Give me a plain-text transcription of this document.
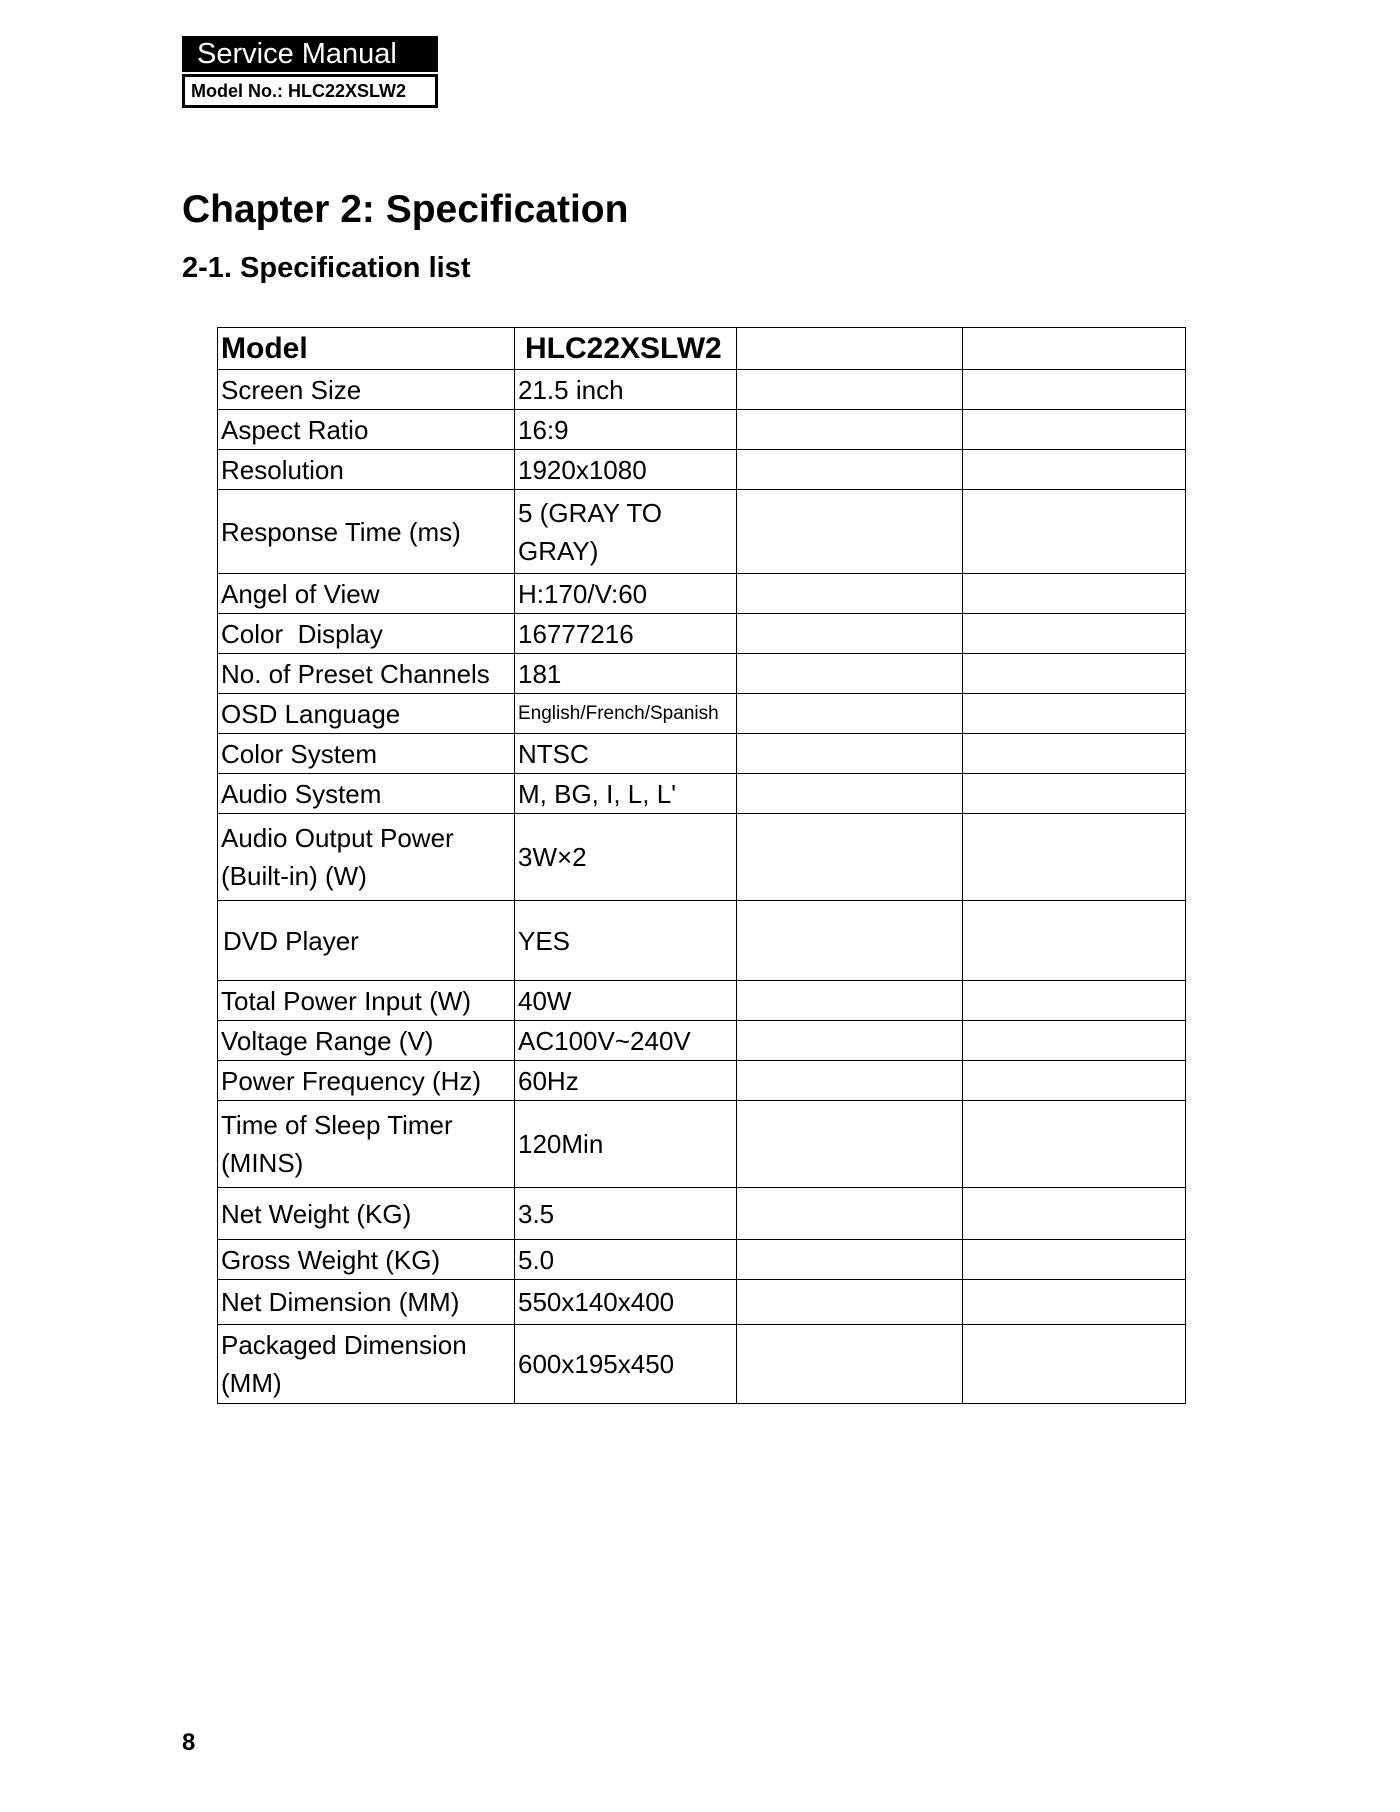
Service Manual
Model No.: HLC22XSLW2
Chapter 2: Specification
2-1. Specification list
Model	HLC22XSLW2		
Screen Size	21.5 inch		
Aspect Ratio	16:9		
Resolution	1920x1080		
Response Time (ms)	5 (GRAY TO GRAY)		
Angel of View	H:170/V:60		
Color  Display	16777216		
No. of Preset Channels	181		
OSD Language	English/French/Spanish		
Color System	NTSC		
Audio System	M, BG, I, L, L'		
Audio Output Power (Built-in) (W)	3W×2		
DVD Player	YES		
Total Power Input (W)	40W		
Voltage Range (V)	AC100V~240V		
Power Frequency (Hz)	60Hz		
Time of Sleep Timer (MINS)	120Min		
Net Weight (KG)	3.5		
Gross Weight (KG)	5.0		
Net Dimension (MM)	550x140x400		
Packaged Dimension (MM)	600x195x450		
8
